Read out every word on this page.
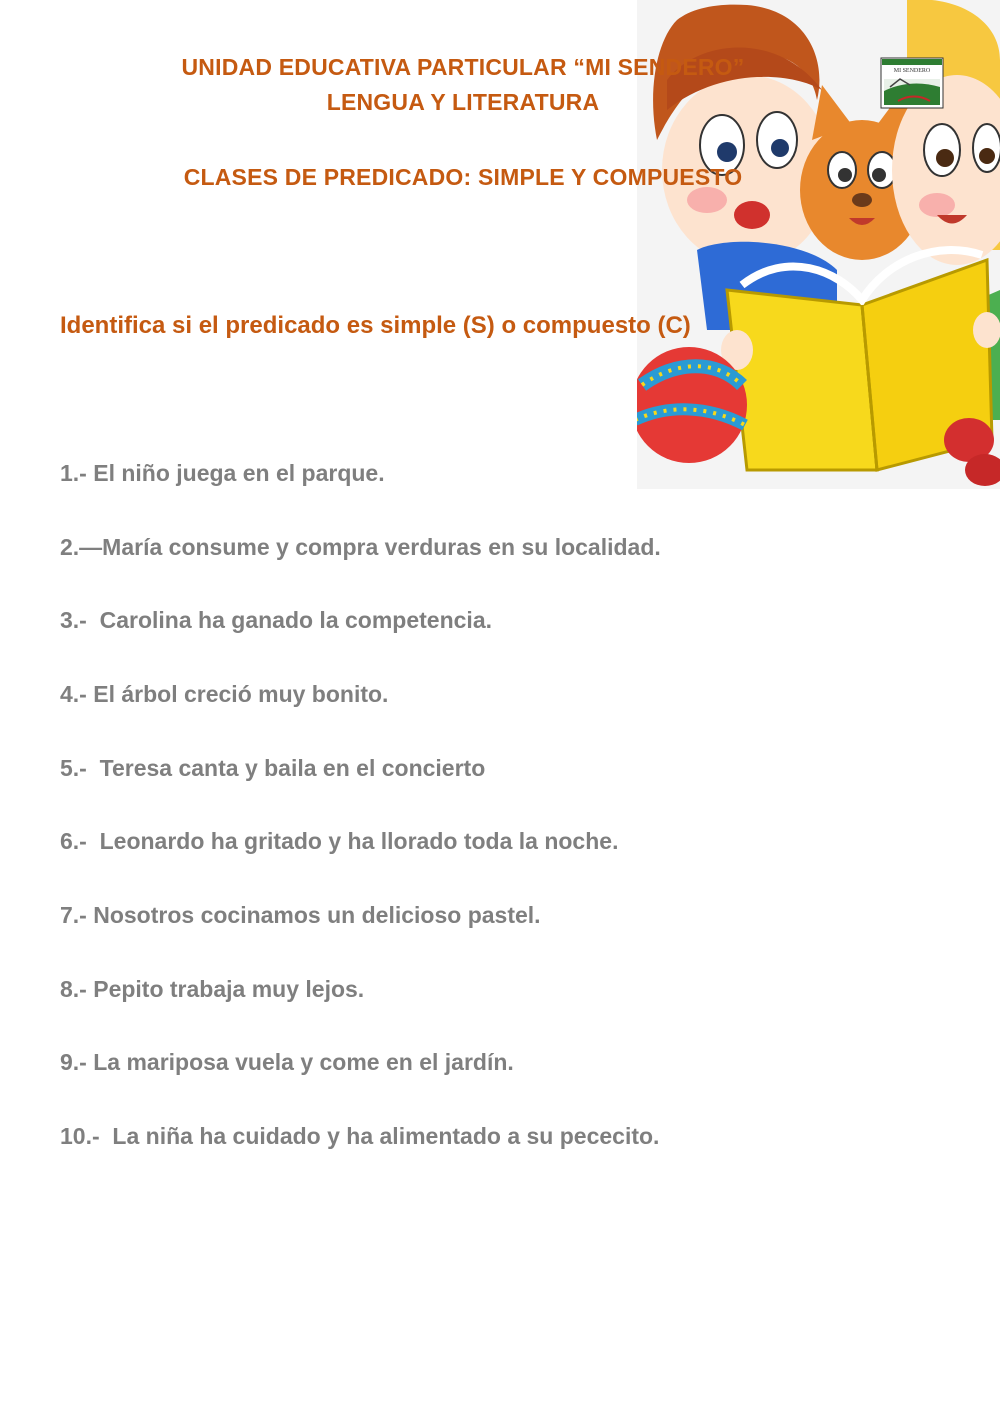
MI SENDERO
UNIDAD EDUCATIVA PARTICULAR “MI SENDERO”
LENGUA Y LITERATURA
CLASES DE PREDICADO: SIMPLE Y COMPUESTO
Identifica si el predicado es simple (S) o compuesto (C)
1.- El niño juega en el parque.
2.—María consume y compra verduras en su localidad.
3.-  Carolina ha ganado la competencia.
4.- El árbol creció muy bonito.
5.-  Teresa canta y baila en el concierto
6.-  Leonardo ha gritado y ha llorado toda la noche.
7.- Nosotros cocinamos un delicioso pastel.
8.- Pepito trabaja muy lejos.
9.- La mariposa vuela y come en el jardín.
10.-  La niña ha cuidado y ha alimentado a su pececito.
